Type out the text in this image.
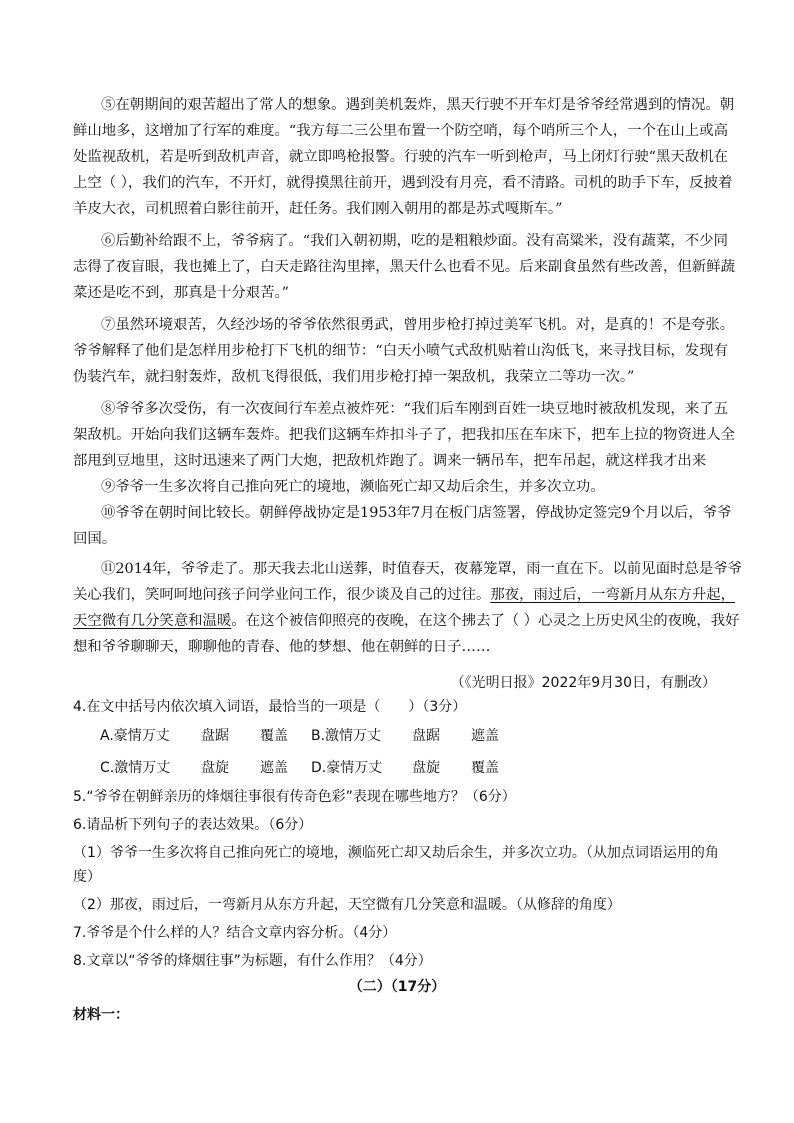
⑤在朝期间的艰苦超出了常人的想象。遇到美机轰炸，黑天行驶不开车灯是爷爷经常遇到的情况。朝
鲜山地多，这增加了行军的难度。“我方每二三公里布置一个防空哨，每个哨所三个人，一个在山上或高
处监视敌机，若是听到敌机声音，就立即鸣枪报警。行驶的汽车一听到枪声，马上闭灯行驶“黑天敌机在
上空（ ），我们的汽车，不开灯，就得摸黑往前开，遇到没有月亮，看不清路。司机的助手下车，反披着
羊皮大衣，司机照着白影往前开，赶任务。我们刚入朝用的都是苏式嘎斯车。”
⑥后勤补给跟不上，爷爷病了。“我们入朝初期，吃的是粗粮炒面。没有高粱米，没有蔬菜，不少同
志得了夜盲眼，我也摊上了，白天走路往沟里摔，黑天什么也看不见。后来副食虽然有些改善，但新鲜蔬
菜还是吃不到，那真是十分艰苦。”
⑦虽然环境艰苦，久经沙场的爷爷依然很勇武，曾用步枪打掉过美军飞机。对，是真的！不是夸张。
爷爷解释了他们是怎样用步枪打下飞机的细节：“白天小喷气式敌机贴着山沟低飞，来寻找目标，发现有
伪装汽车，就扫射轰炸，敌机飞得很低，我们用步枪打掉一架敌机，我荣立二等功一次。”
⑧爷爷多次受伤，有一次夜间行车差点被炸死：“我们后车刚到百姓一块豆地时被敌机发现，来了五
架敌机。开始向我们这辆车轰炸。把我们这辆车炸扣斗子了，把我扣压在车床下，把车上拉的物资进人全
部甩到豆地里，这时迅速来了两门大炮，把敌机炸跑了。调来一辆吊车，把车吊起，就这样我才出来
⑨爷爷一生多次将自己推向死亡的境地，濒临死亡却又劫后余生，并多次立功。
⑩爷爷在朝时间比较长。朝鲜停战协定是1953年7月在板门店签署，停战协定签完9个月以后，爷爷
回国。
⑪2014年，爷爷走了。那天我去北山送葬，时值春天，夜幕笼罩，雨一直在下。以前见面时总是爷爷
关心我们，笑呵呵地问孩子问学业问工作，很少谈及自己的过往。那夜，雨过后，一弯新月从东方升起，
天空微有几分笑意和温暖。在这个被信仰照亮的夜晚，在这个拂去了（ ）心灵之上历史风尘的夜晚，我好
想和爷爷聊聊天，聊聊他的青春、他的梦想、他在朝鲜的日子……
（《光明日报》2022年9月30日，有删改）
4.在文中括号内依次填入词语，最恰当的一项是（　　）（3分）
A.豪情万丈 盘踞 覆盖 B.激情万丈 盘踞 遮盖
C.激情万丈 盘旋 遮盖 D.豪情万丈 盘旋 覆盖
5.“爷爷在朝鲜亲历的烽烟往事很有传奇色彩”表现在哪些地方？（6分）
6.请品析下列句子的表达效果。（6分）
（1）爷爷一生多次将自己推向死亡的境地，濒临死亡却又劫后余生，并多次立功。（从加点词语运用的角
度）
（2）那夜，雨过后，一弯新月从东方升起，天空微有几分笑意和温暖。（从修辞的角度）
7.爷爷是个什么样的人？结合文章内容分析。（4分）
8.文章以“爷爷的烽烟往事”为标题，有什么作用？（4分）
（二）（17分）
材料一：
